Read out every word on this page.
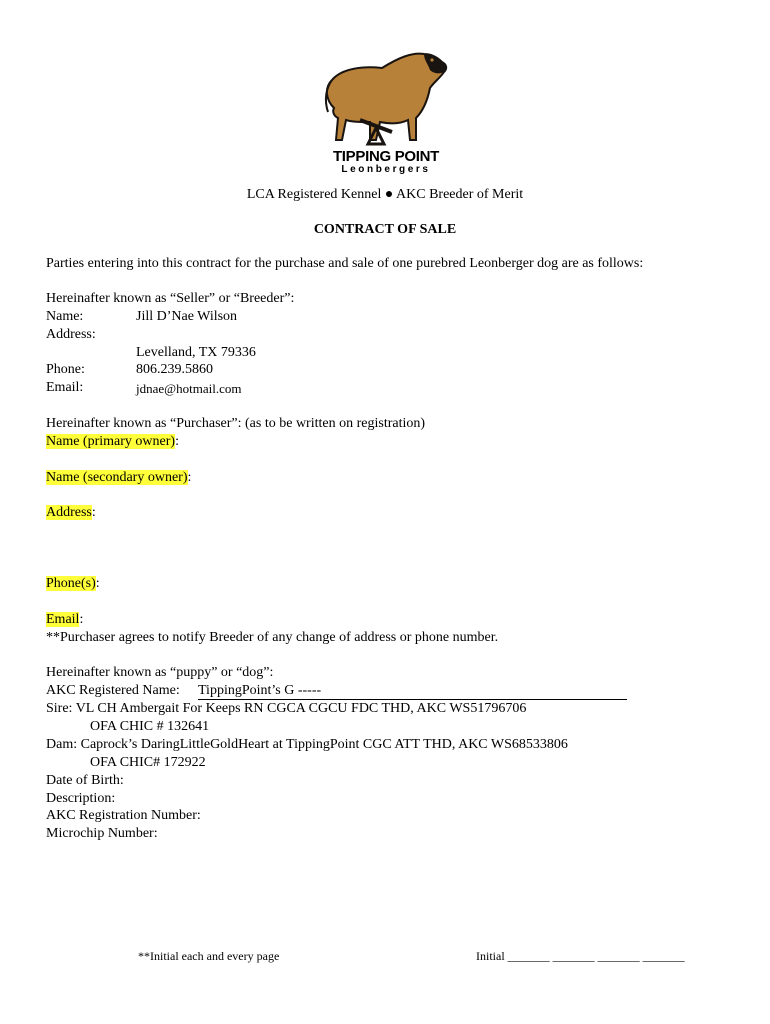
TIPPING POINT
Leonbergers
LCA Registered Kennel ● AKC Breeder of Merit
CONTRACT OF SALE
Parties entering into this contract for the purchase and sale of one purebred Leonberger dog are as follows:
Hereinafter known as “Seller” or “Breeder”:
Name:	Jill D’Nae Wilson
Address:
Levelland, TX 79336
Phone:	806.239.5860
Email:	jdnae@hotmail.com
Hereinafter known as “Purchaser”: (as to be written on registration)
Name (primary owner):
Name (secondary owner):
Address:
Phone(s):
Email:
**Purchaser agrees to notify Breeder of any change of address or phone number.
Hereinafter known as “puppy” or “dog”:
AKC Registered Name: TippingPoint’s G -----
Sire: VL CH Ambergait For Keeps RN CGCA CGCU FDC THD, AKC WS51796706
OFA CHIC # 132641
Dam: Caprock’s DaringLittleGoldHeart at TippingPoint CGC ATT THD, AKC WS68533806
OFA CHIC# 172922
Date of Birth:
Description:
AKC Registration Number:
Microchip Number:
**Initial each and every page	Initial _______ _______ _______ _______
